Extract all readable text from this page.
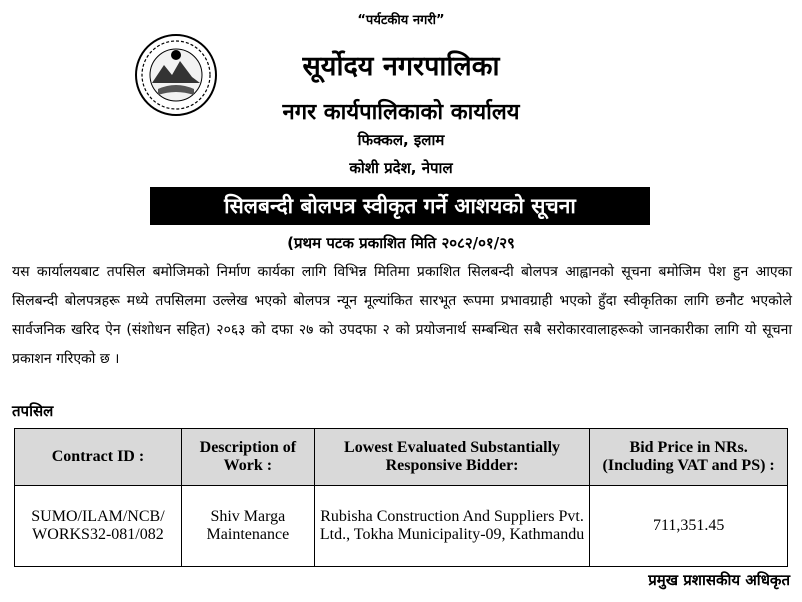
“पर्यटकीय नगरी”
सूर्योदय नगरपालिका
नगर कार्यपालिकाको कार्यालय
फिक्कल, इलाम
कोशी प्रदेश, नेपाल
सिलबन्दी बोलपत्र स्वीकृत गर्ने आशयको सूचना
(प्रथम पटक प्रकाशित मिति २०८२/०१/२९
यस कार्यालयबाट तपसिल बमोजिमको निर्माण कार्यका लागि विभिन्न मितिमा प्रकाशित सिलबन्दी बोलपत्र आह्वानको सूचना बमोजिम पेश हुन आएका सिलबन्दी बोलपत्रहरू मध्ये तपसिलमा उल्लेख भएको बोलपत्र न्यून मूल्यांकित सारभूत रूपमा प्रभावग्राही भएको हुँदा स्वीकृतिका लागि छनौट भएकोले सार्वजनिक खरिद ऐन (संशोधन सहित) २०६३ को दफा २७ को उपदफा २ को प्रयोजनार्थ सम्बन्धित सबै सरोकारवालाहरूको जानकारीका लागि यो सूचना प्रकाशन गरिएको छ ।
तपसिल
Contract ID :	Description of Work :	Lowest Evaluated Substantially Responsive Bidder:	Bid Price in NRs. (Including VAT and PS) :
SUMO/ILAM/NCB/ WORKS32-081/082	Shiv Marga Maintenance	Rubisha Construction And Suppliers Pvt. Ltd., Tokha Municipality-09, Kathmandu	711,351.45
प्रमुख प्रशासकीय अधिकृत
